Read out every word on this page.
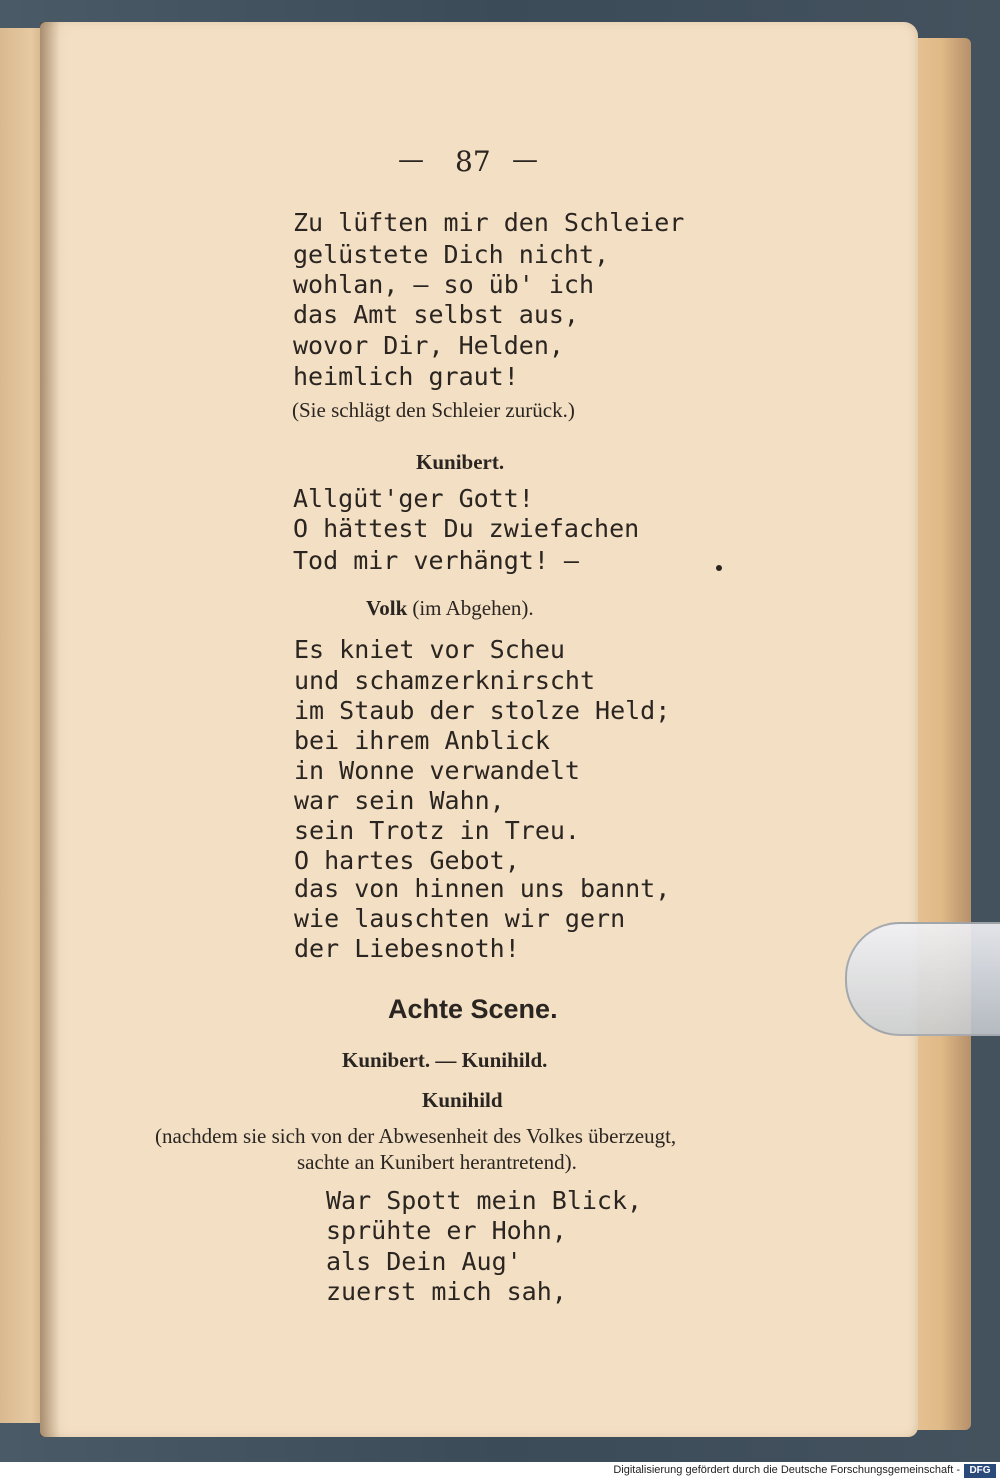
— 87 —
Zu lüften mir den Schleier
gelüstete Dich nicht,
wohlan, — so üb' ich
das Amt selbst aus,
wovor Dir, Helden,
heimlich graut!
(Sie schlägt den Schleier zurück.)
Kunibert.
Allgüt'ger Gott!
O hättest Du zwiefachen
Tod mir verhängt! —
Volk (im Abgehen).
Es kniet vor Scheu
und schamzerknirscht
im Staub der stolze Held;
bei ihrem Anblick
in Wonne verwandelt
war sein Wahn,
sein Trotz in Treu.
O hartes Gebot,
das von hinnen uns bannt,
wie lauschten wir gern
der Liebesnoth!
Achte Scene.
Kunibert. — Kunihild.
Kunihild
(nachdem sie sich von der Abwesenheit des Volkes überzeugt,
sachte an Kunibert herantretend).
War Spott mein Blick,
sprühte er Hohn,
als Dein Aug'
zuerst mich sah,
Digitalisierung gefördert durch die Deutsche Forschungsgemeinschaft - DFG
